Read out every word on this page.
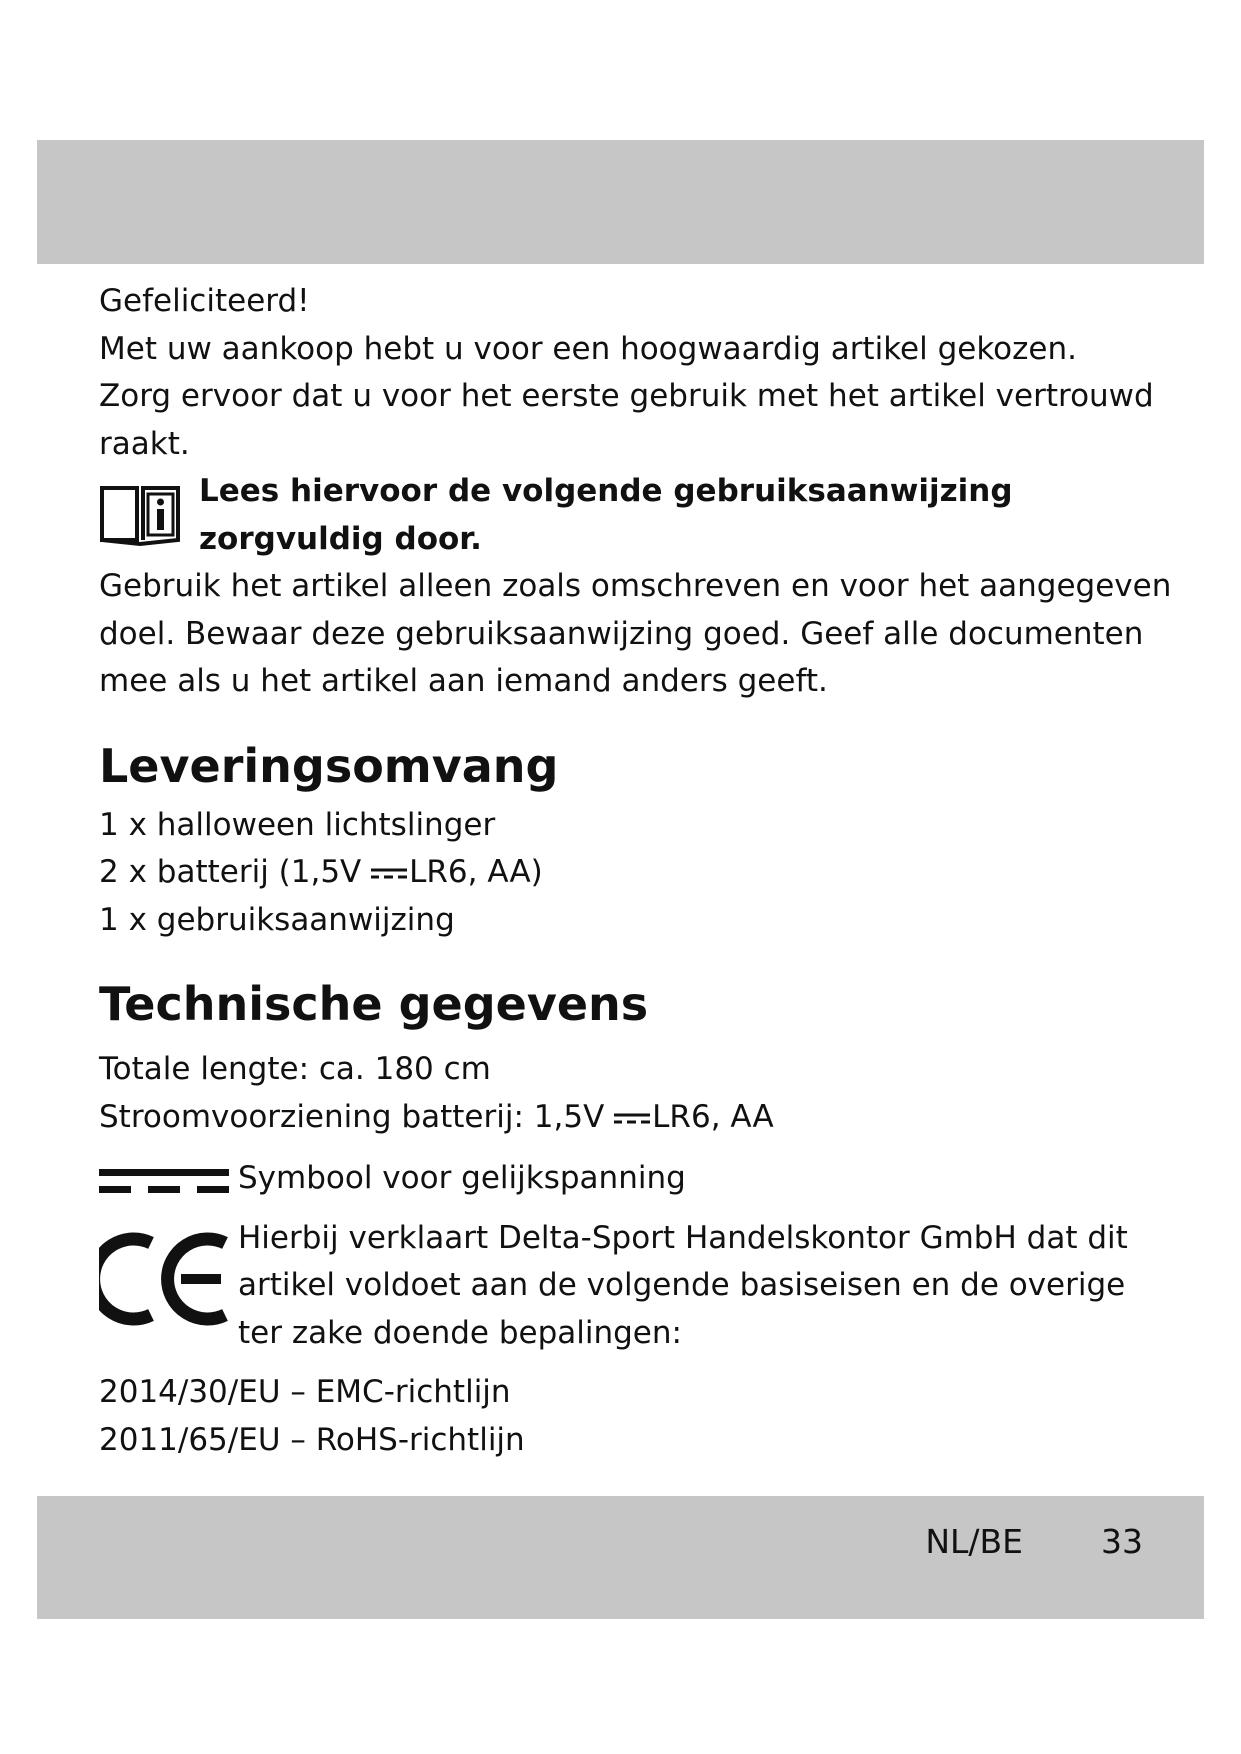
Gefeliciteerd!

Met uw aankoop hebt u voor een hoogwaardig artikel gekozen.

Zorg ervoor dat u voor het eerste gebruik met het artikel vertrouwd

raakt.

Lees hiervoor de volgende gebruiksaanwijzing

zorgvuldig door.

Gebruik het artikel alleen zoals omschreven en voor het aangegeven

doel. Bewaar deze gebruiksaanwijzing goed. Geef alle documenten

mee als u het artikel aan iemand anders geeft.

Leveringsomvang

1 x halloween lichtslinger

2 x batterij (1,5V LR6, AA)

1 x gebruiksaanwijzing

Technische gegevens

Totale lengte: ca. 180 cm

Stroomvoorziening batterij: 1,5V LR6, AA

Symbool voor gelijkspanning

Hierbij verklaart Delta-Sport Handelskontor GmbH dat dit

artikel voldoet aan de volgende basiseisen en de overige

ter zake doende bepalingen:

2014/30/EU – EMC-richtlijn

2011/65/EU – RoHS-richtlijn

NL/BE 33
